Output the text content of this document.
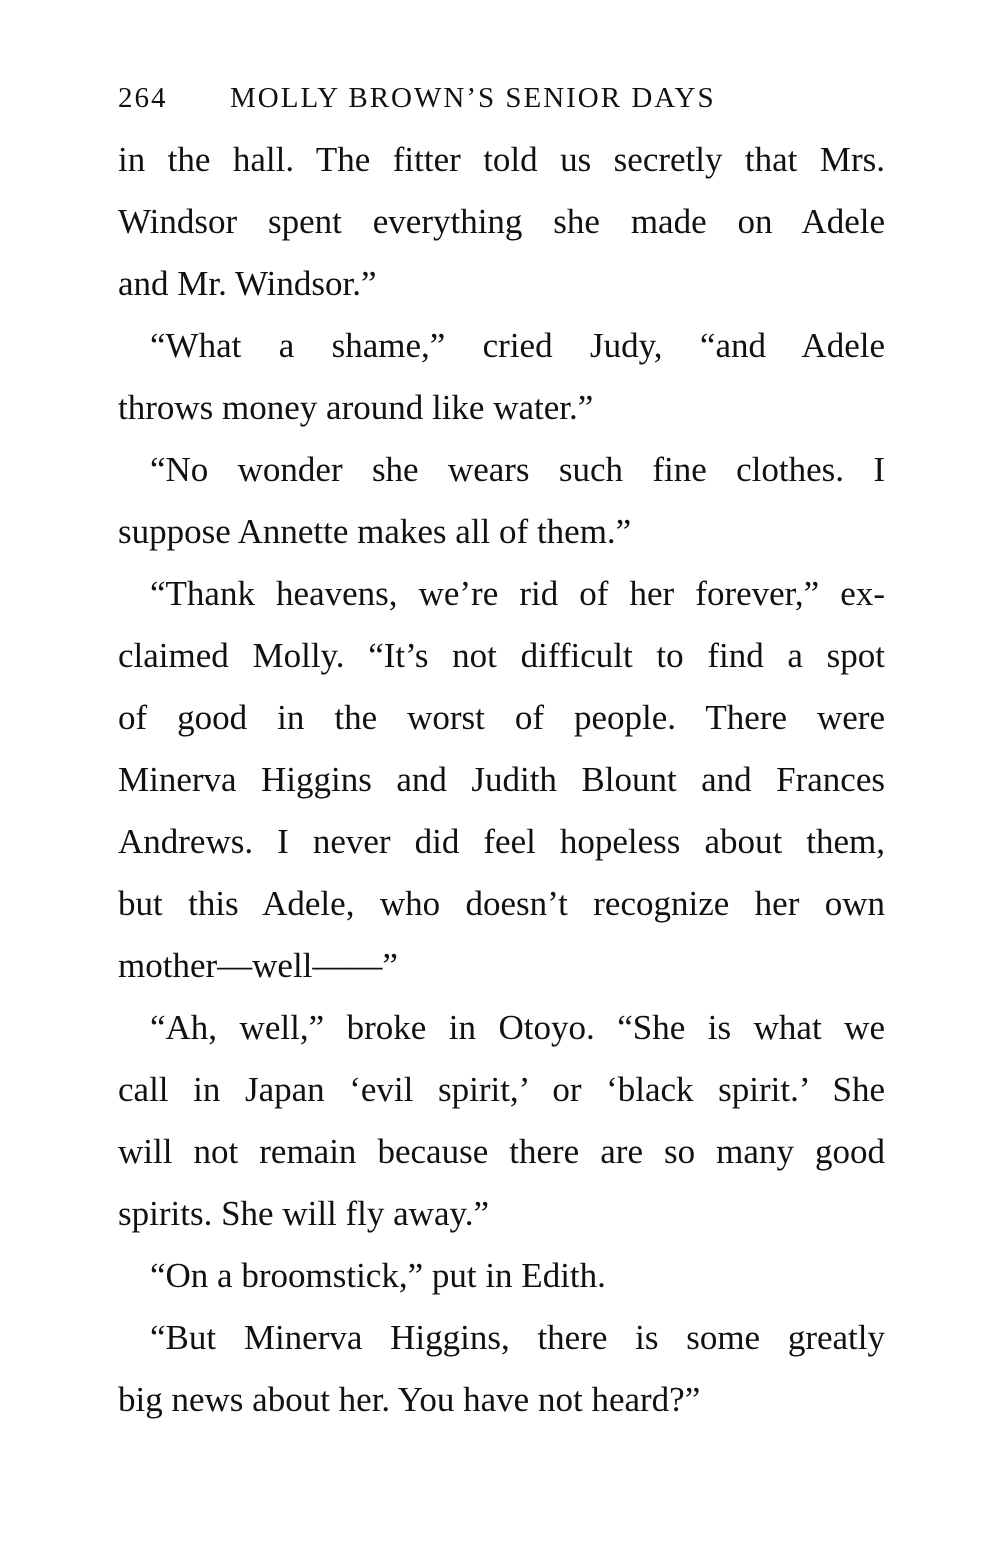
264 MOLLY BROWN’S SENIOR DAYS
in the hall. The fitter told us secretly that Mrs.
Windsor spent everything she made on Adele
and Mr. Windsor.”
“What a shame,” cried Judy, “and Adele
throws money around like water.”
“No wonder she wears such fine clothes. I
suppose Annette makes all of them.”
“Thank heavens, we’re rid of her forever,” ex-
claimed Molly. “It’s not difficult to find a spot
of good in the worst of people. There were
Minerva Higgins and Judith Blount and Frances
Andrews. I never did feel hopeless about them,
but this Adele, who doesn’t recognize her own
mother—well——”
“Ah, well,” broke in Otoyo. “She is what we
call in Japan ‘evil spirit,’ or ‘black spirit.’ She
will not remain because there are so many good
spirits. She will fly away.”
“On a broomstick,” put in Edith.
“But Minerva Higgins, there is some greatly
big news about her. You have not heard?”
